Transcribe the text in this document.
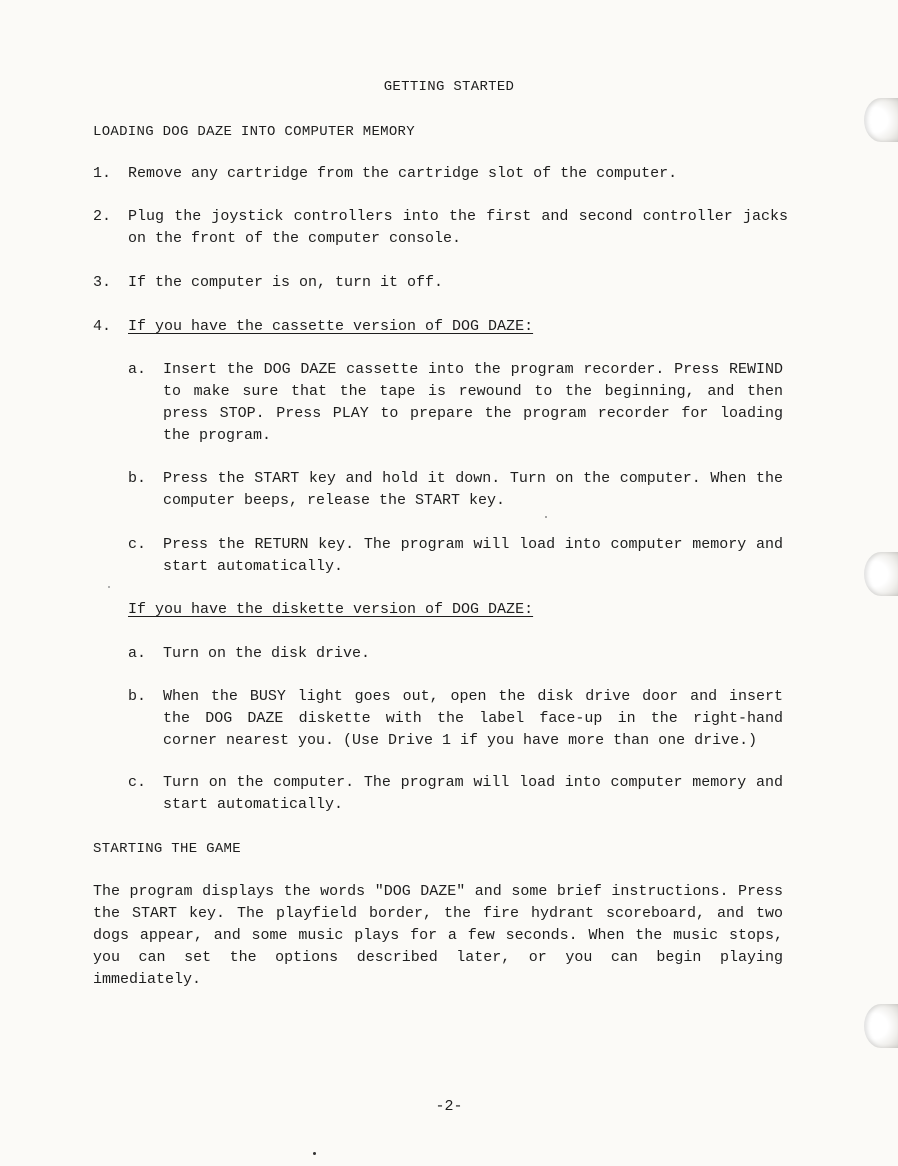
GETTING STARTED
LOADING DOG DAZE INTO COMPUTER MEMORY
1.	Remove any cartridge from the cartridge slot of the computer.
2.	Plug the joystick controllers into the first and second controller jacks on the front of the computer console.
3.	If the computer is on, turn it off.
4.	If you have the cassette version of DOG DAZE:
a.	Insert the DOG DAZE cassette into the program recorder. Press REWIND to make sure that the tape is rewound to the beginning, and then press STOP. Press PLAY to prepare the program recorder for loading the program.
b.	Press the START key and hold it down. Turn on the computer. When the computer beeps, release the START key.
c.	Press the RETURN key. The program will load into computer memory and start automatically.
If you have the diskette version of DOG DAZE:
a.	Turn on the disk drive.
b.	When the BUSY light goes out, open the disk drive door and insert the DOG DAZE diskette with the label face-up in the right-hand corner nearest you. (Use Drive 1 if you have more than one drive.)
c.	Turn on the computer. The program will load into computer memory and start automatically.
STARTING THE GAME
The program displays the words "DOG DAZE" and some brief instructions. Press the START key. The playfield border, the fire hydrant scoreboard, and two dogs appear, and some music plays for a few seconds. When the music stops, you can set the options described later, or you can begin playing immediately.
-2-
